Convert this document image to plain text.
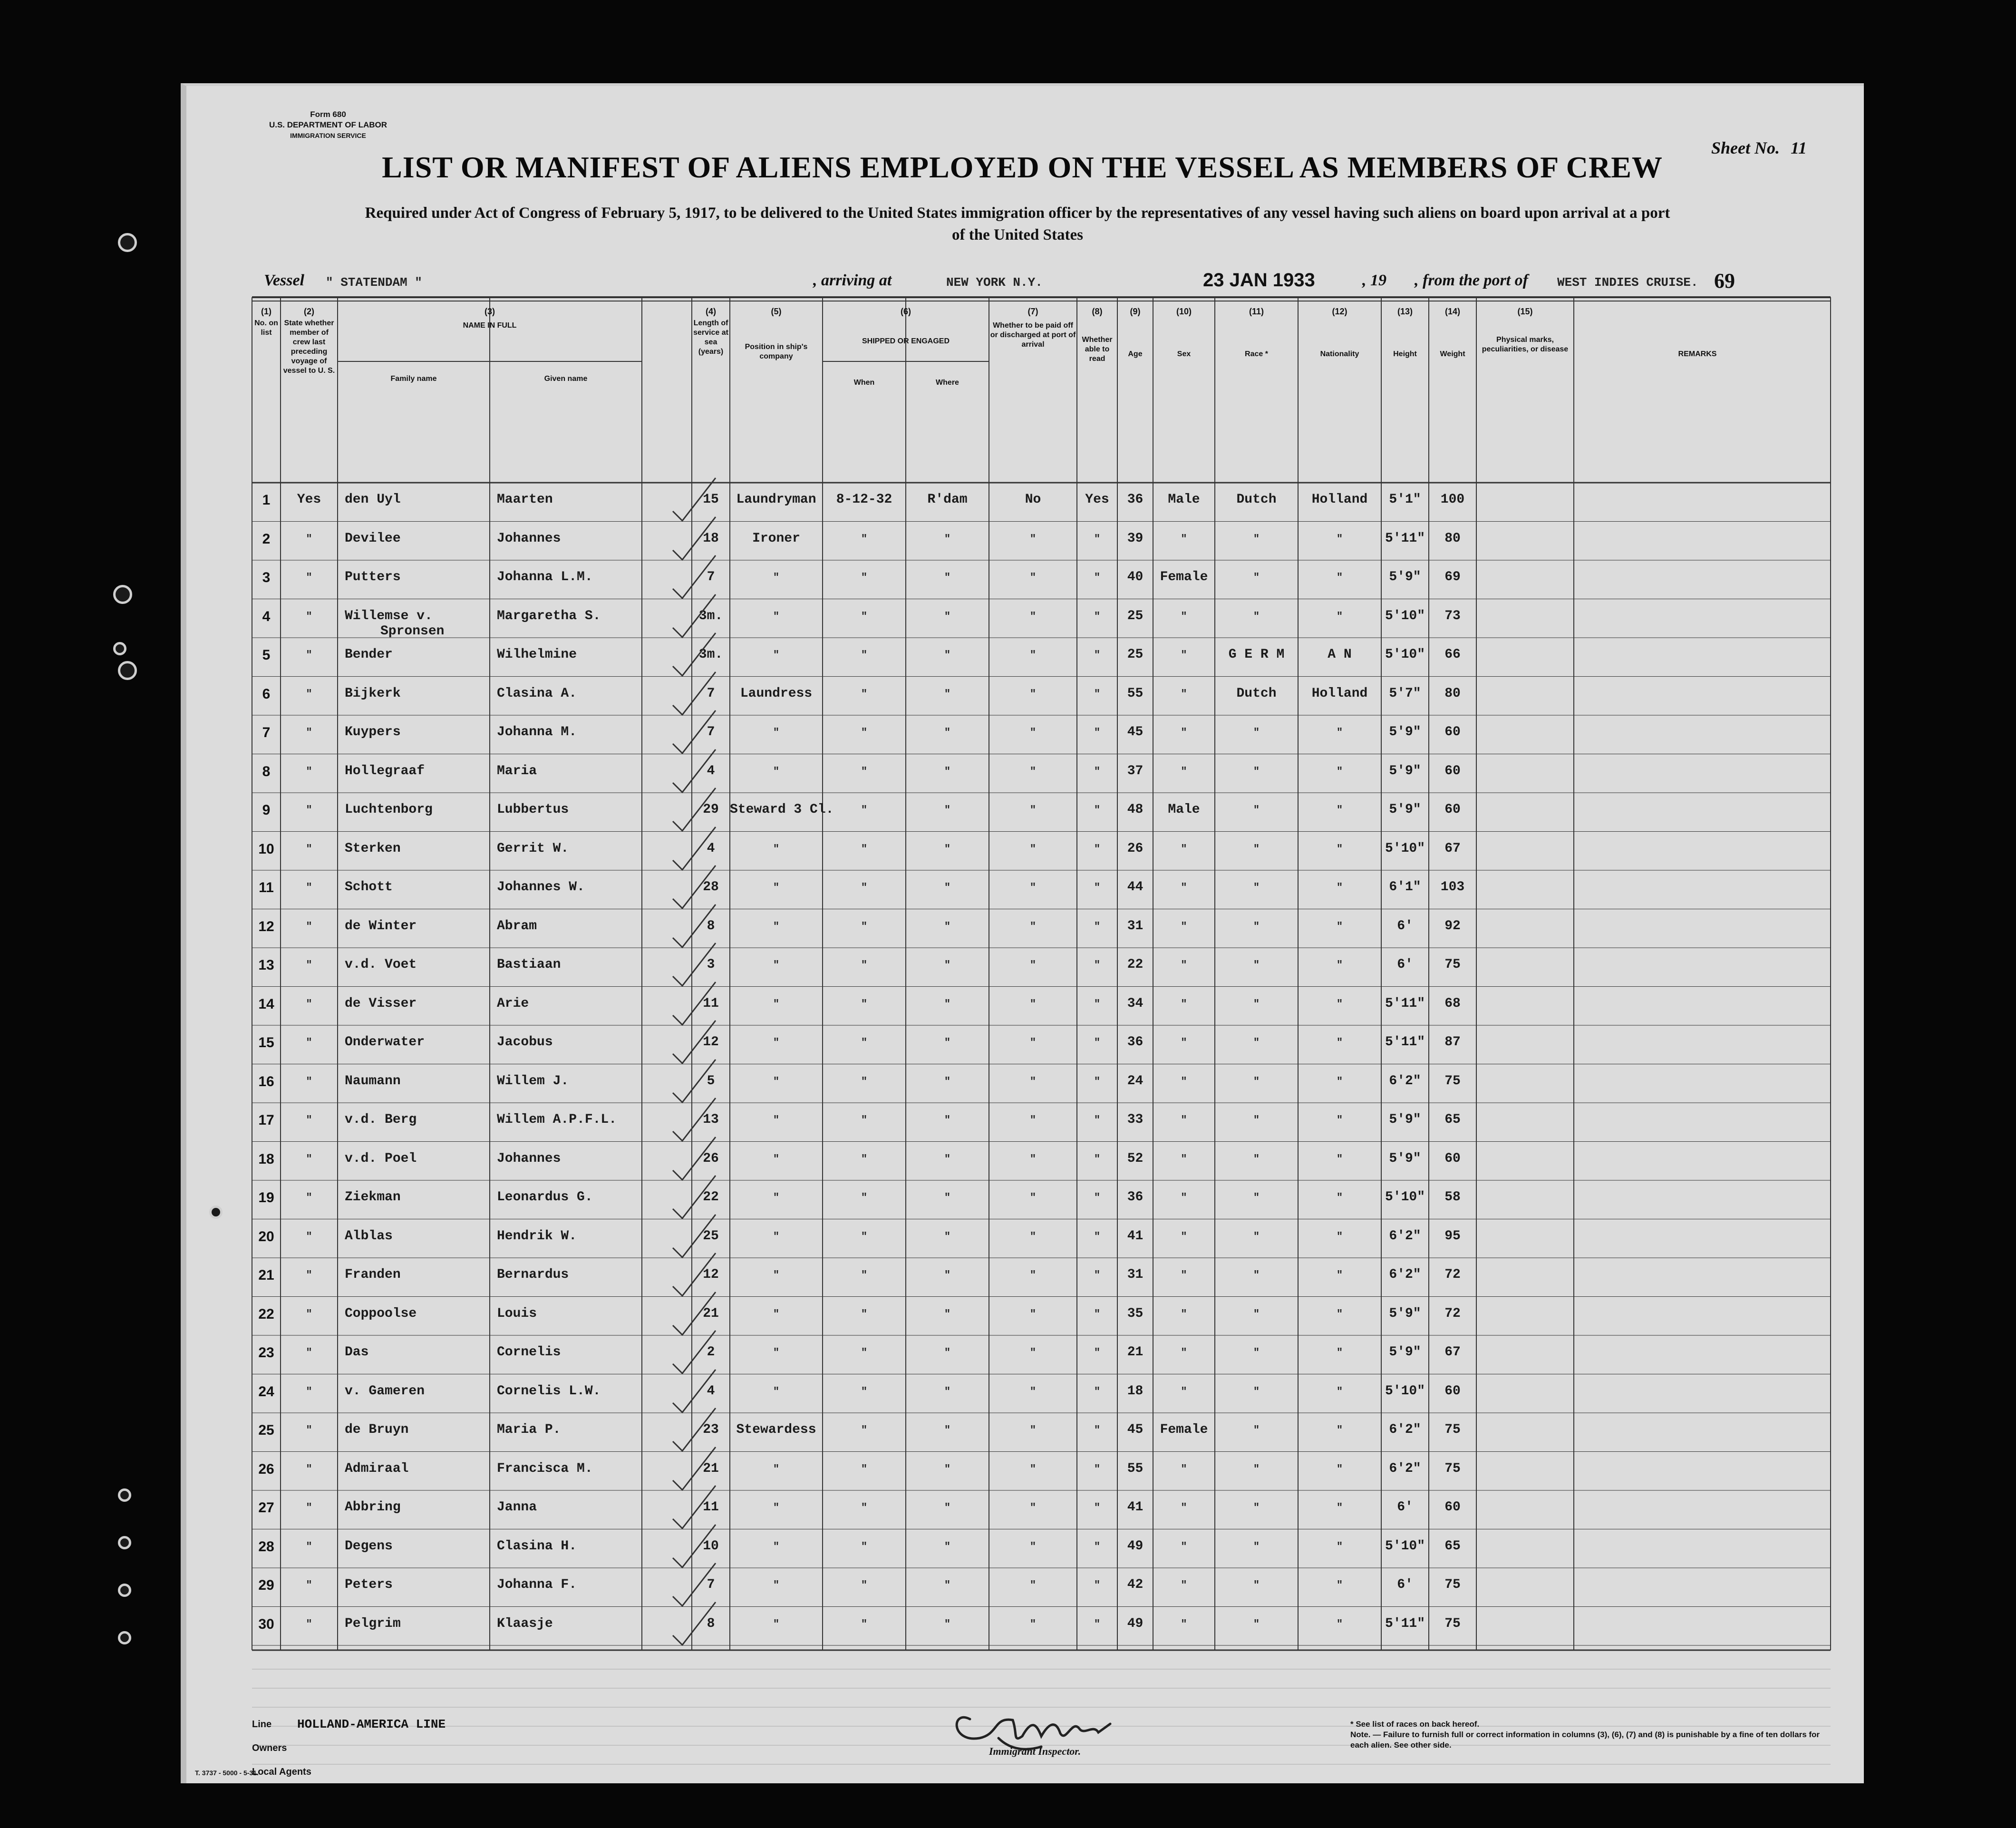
Form 680
U.S. DEPARTMENT OF LABOR
IMMIGRATION SERVICE
Sheet No. 11
LIST OR MANIFEST OF ALIENS EMPLOYED ON THE VESSEL AS MEMBERS OF CREW
Required under Act of Congress of February 5, 1917, to be delivered to the United States immigration officer by the representatives of any vessel having such aliens on board upon arrival at a port
of the United States
Vessel " STATENDAM "	, arriving at	NEW YORK N.Y.	23 JAN 1933	, 19 , from the port of WEST INDIES CRUISE. 69
(1)
No. on list
(2)
State whether member of crew last preceding voyage of vessel to U. S.
(3)
NAME IN FULL
Family name	Given name
(4)
Length of service at sea (years)
(5)
Position in ship's company
(6)
SHIPPED OR ENGAGED
When	Where
(7)
Whether to be paid off or discharged at port of arrival
(8)
Whether able to read
(9)
Age
(10)
Sex
(11)
Race *
(12)
Nationality
(13)
Height
(14)
Weight
(15)
Physical marks, peculiarities, or disease
REMARKS
1	Yes	den Uyl	Maarten	15	Laundryman	8-12-32	R'dam	No	Yes	36	Male	Dutch	Holland	5'1"	100
2	"	Devilee	Johannes	18	Ironer	"	"	"	"	39	"	"	"	5'11"	80
3	"	Putters	Johanna L.M.	7	"	"	"	"	"	40	Female	"	"	5'9"	69
4	"	Willemse v.	Margaretha S.	3m.	"	"	"	"	"	25	"	"	"	5'10"	73
Spronsen
5	"	Bender	Wilhelmine	3m.	"	"	"	"	"	25	"	G E R M	A N	5'10"	66
6	"	Bijkerk	Clasina A.	7	Laundress	"	"	"	"	55	"	Dutch	Holland	5'7"	80
7	"	Kuypers	Johanna M.	7	"	"	"	"	"	45	"	"	"	5'9"	60
8	"	Hollegraaf	Maria	4	"	"	"	"	"	37	"	"	"	5'9"	60
9	"	Luchtenborg	Lubbertus	29 Steward 3 Cl.	"	"	"	"	48	Male	"	"	5'9"	60
10	"	Sterken	Gerrit W.	4	"	"	"	"	"	26	"	"	"	5'10"	67
11	"	Schott	Johannes W.	28	"	"	"	"	"	44	"	"	"	6'1"	103
12	"	de Winter	Abram	8	"	"	"	"	"	31	"	"	"	6'	92
13	"	v.d. Voet	Bastiaan	3	"	"	"	"	"	22	"	"	"	6'	75
14	"	de Visser	Arie	11	"	"	"	"	"	34	"	"	"	5'11"	68
15	"	Onderwater	Jacobus	12	"	"	"	"	"	36	"	"	"	5'11"	87
16	"	Naumann	Willem J.	5	"	"	"	"	"	24	"	"	"	6'2"	75
17	"	v.d. Berg	Willem A.P.F.L.	13	"	"	"	"	"	33	"	"	"	5'9"	65
18	"	v.d. Poel	Johannes	26	"	"	"	"	"	52	"	"	"	5'9"	60
19	"	Ziekman	Leonardus G.	22	"	"	"	"	"	36	"	"	"	5'10"	58
20	"	Alblas	Hendrik W.	25	"	"	"	"	"	41	"	"	"	6'2"	95
21	"	Franden	Bernardus	12	"	"	"	"	"	31	"	"	"	6'2"	72
22	"	Coppoolse	Louis	21	"	"	"	"	"	35	"	"	"	5'9"	72
23	"	Das	Cornelis	2	"	"	"	"	"	21	"	"	"	5'9"	67
24	"	v. Gameren	Cornelis L.W.	4	"	"	"	"	"	18	"	"	"	5'10"	60
25	"	de Bruyn	Maria P.	23	Stewardess	"	"	"	"	45	Female	"	"	6'2"	75
26	"	Admiraal	Francisca M.	21	"	"	"	"	"	55	"	"	"	6'2"	75
27	"	Abbring	Janna	11	"	"	"	"	"	41	"	"	"	6'	60
28	"	Degens	Clasina H.	10	"	"	"	"	"	49	"	"	"	5'10"	65
29	"	Peters	Johanna F.	7	"	"	"	"	"	42	"	"	"	6'	75
30	"	Pelgrim	Klaasje	8	"	"	"	"	"	49	"	"	"	5'11"	75
Line
Owners
Local Agents
HOLLAND-AMERICA LINE
Immigrant Inspector.
* See list of races on back hereof.
Note. — Failure to furnish full or correct information in columns (3), (6), (7) and (8) is punishable by a fine of ten dollars for each alien. See other side.
T. 3737 - 5000 - 5-31.
